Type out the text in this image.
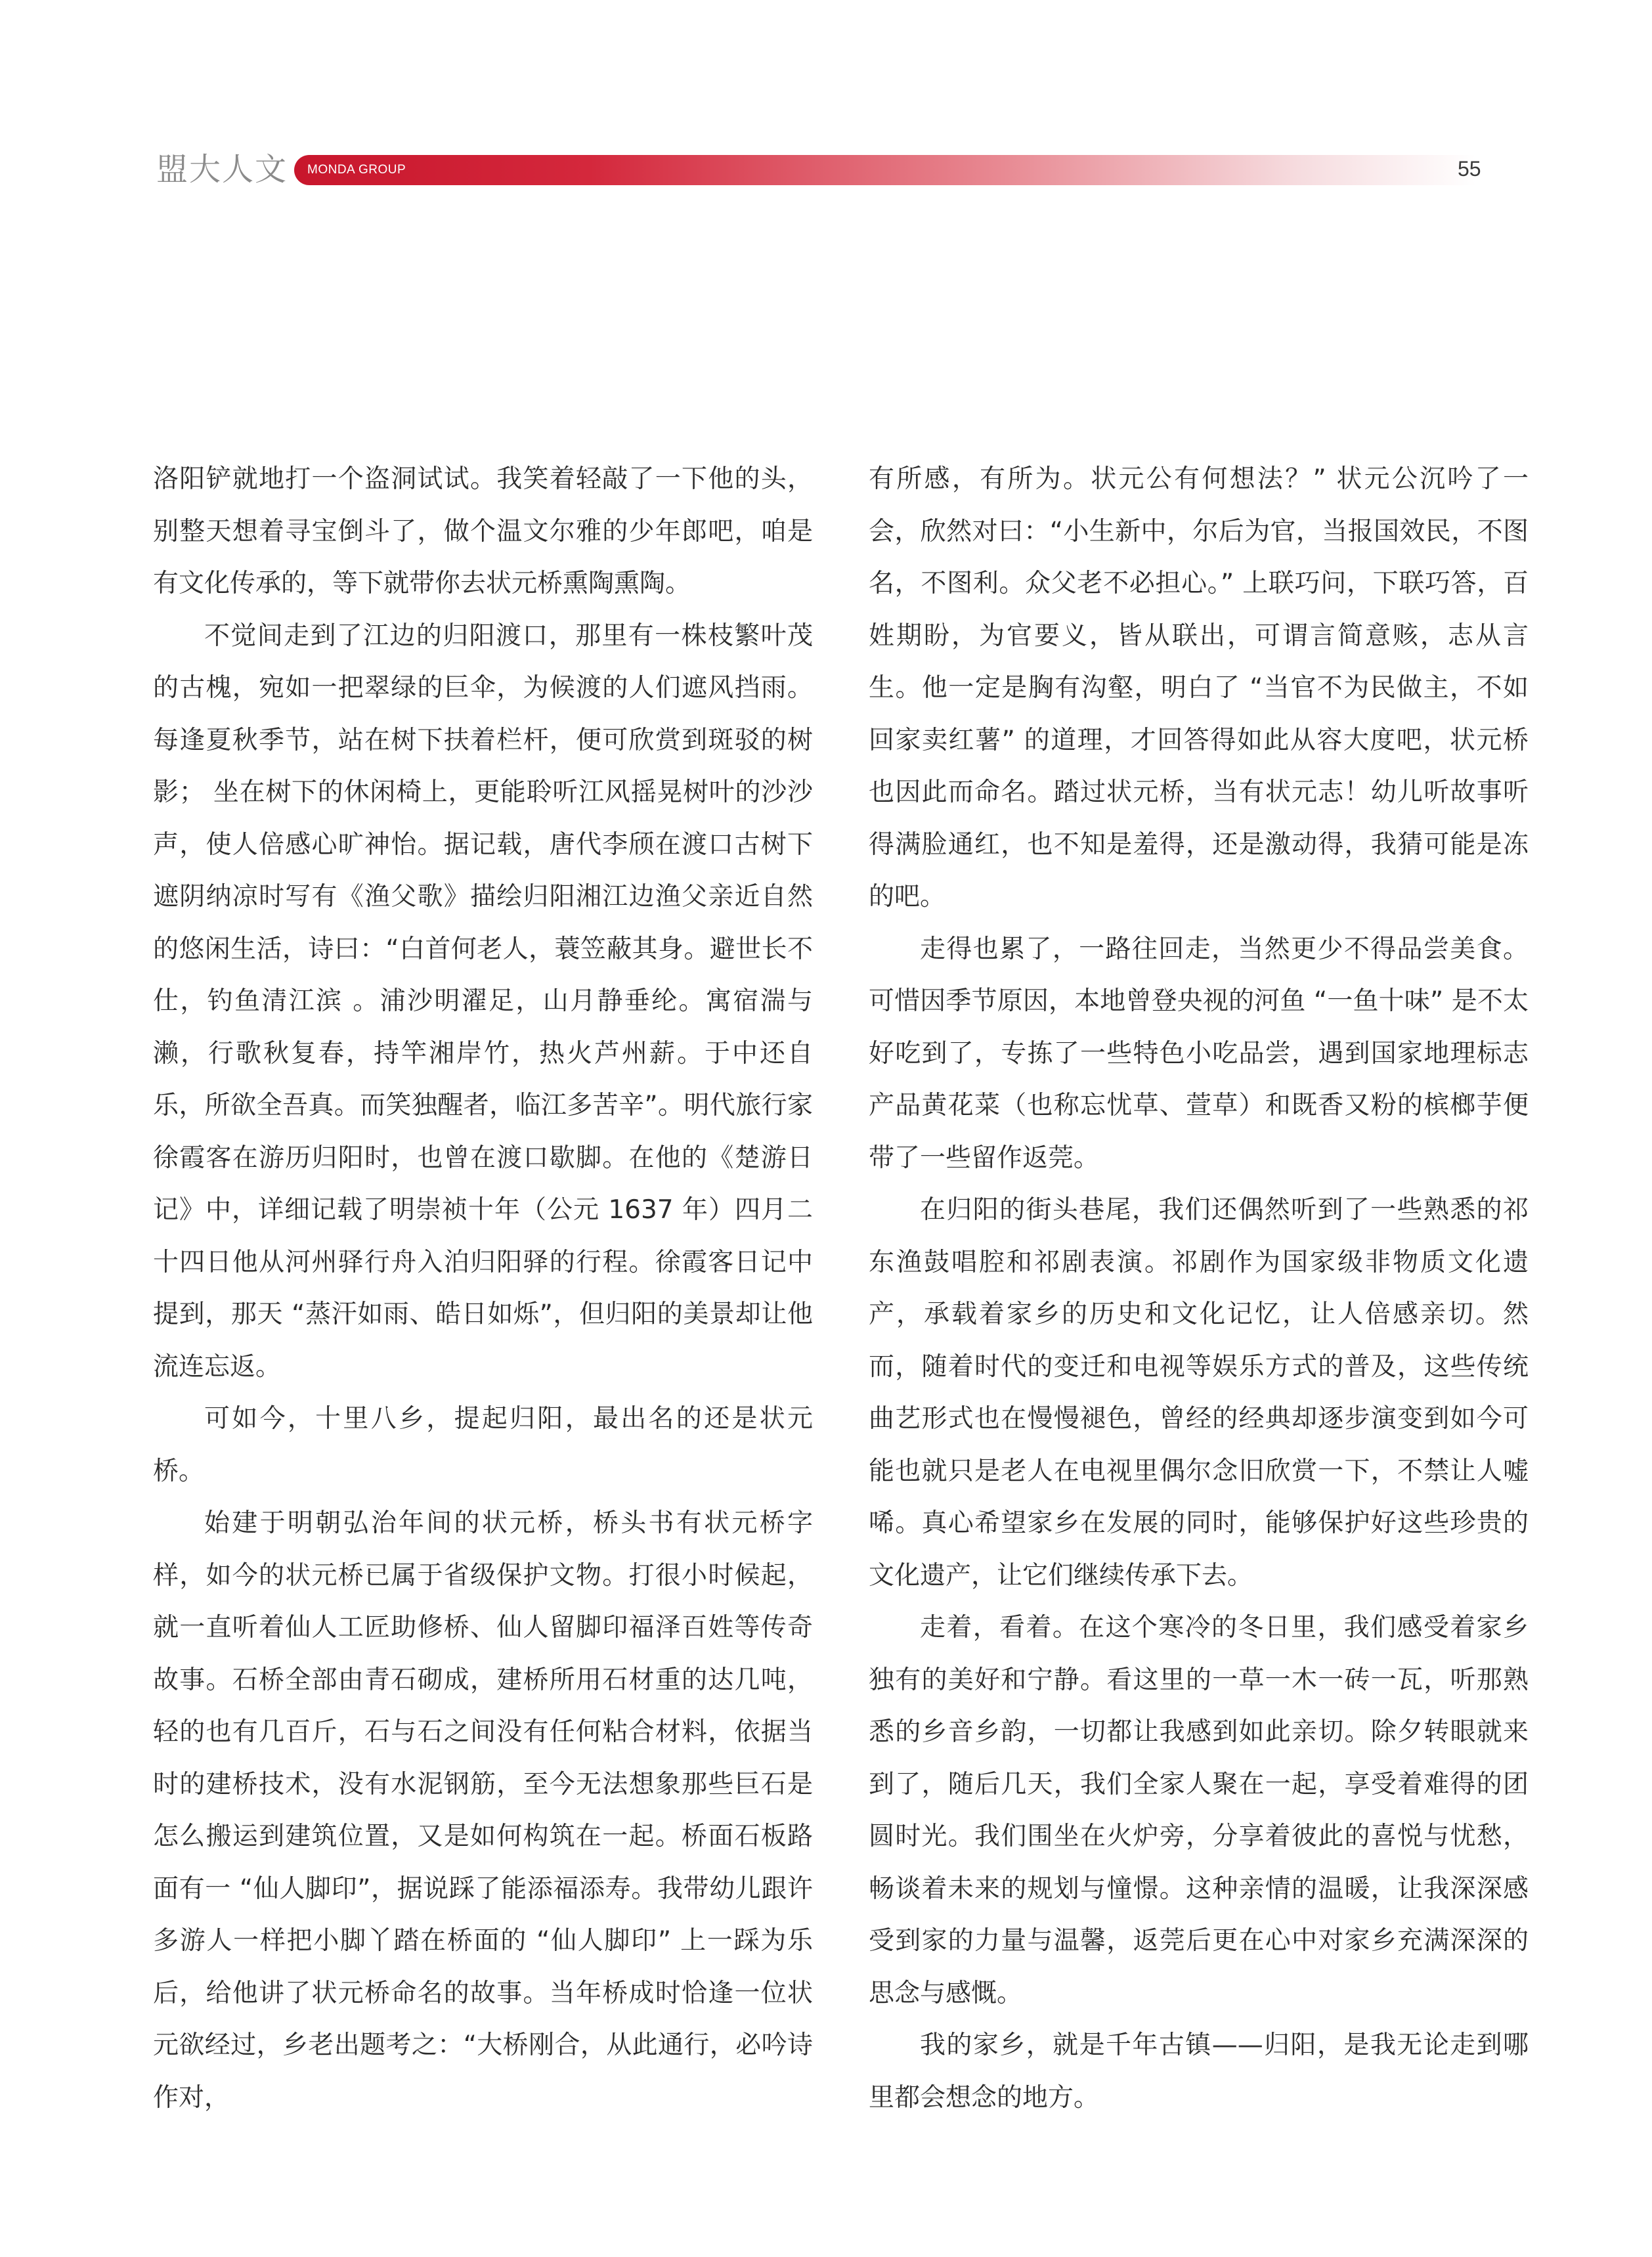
盟大人文 MONDA GROUP	55

洛阳铲就地打一个盗洞试试。我笑着轻敲了一下他的头，别整天想着寻宝倒斗了，做个温文尔雅的少年郎吧，咱是有文化传承的，等下就带你去状元桥熏陶熏陶。

不觉间走到了江边的归阳渡口，那里有一株枝繁叶茂的古槐，宛如一把翠绿的巨伞，为候渡的人们遮风挡雨。每逢夏秋季节，站在树下扶着栏杆，便可欣赏到斑驳的树影； 坐在树下的休闲椅上，更能聆听江风摇晃树叶的沙沙声，使人倍感心旷神怡。据记载，唐代李颀在渡口古树下遮阴纳凉时写有《渔父歌》描绘归阳湘江边渔父亲近自然的悠闲生活，诗曰：“白首何老人，蓑笠蔽其身。避世长不仕，钓鱼清江滨 。浦沙明濯足，山月静垂纶。寓宿湍与濑，行歌秋复春，持竿湘岸竹，热火芦州薪。于中还自乐，所欲全吾真。而笑独醒者，临江多苦辛”。明代旅行家徐霞客在游历归阳时，也曾在渡口歇脚。在他的《楚游日记》中，详细记载了明崇祯十年（公元 1637 年）四月二十四日他从河州驿行舟入泊归阳驿的行程。徐霞客日记中提到，那天 “蒸汗如雨、皓日如烁”，但归阳的美景却让他流连忘返。

可如今，十里八乡，提起归阳，最出名的还是状元桥。

始建于明朝弘治年间的状元桥，桥头书有状元桥字样，如今的状元桥已属于省级保护文物。打很小时候起，就一直听着仙人工匠助修桥、仙人留脚印福泽百姓等传奇故事。石桥全部由青石砌成，建桥所用石材重的达几吨，轻的也有几百斤，石与石之间没有任何粘合材料，依据当时的建桥技术，没有水泥钢筋，至今无法想象那些巨石是怎么搬运到建筑位置，又是如何构筑在一起。桥面石板路面有一 “仙人脚印”，据说踩了能添福添寿。我带幼儿跟许多游人一样把小脚丫踏在桥面的 “仙人脚印” 上一踩为乐后，给他讲了状元桥命名的故事。当年桥成时恰逢一位状元欲经过，乡老出题考之：“大桥刚合，从此通行，必吟诗作对，

有所感，有所为。状元公有何想法？” 状元公沉吟了一会，欣然对曰：“小生新中，尔后为官，当报国效民，不图名，不图利。众父老不必担心。” 上联巧问，下联巧答，百姓期盼，为官要义，皆从联出，可谓言简意赅，志从言生。他一定是胸有沟壑，明白了 “当官不为民做主，不如回家卖红薯” 的道理，才回答得如此从容大度吧，状元桥也因此而命名。踏过状元桥，当有状元志！幼儿听故事听得满脸通红，也不知是羞得，还是激动得，我猜可能是冻的吧。

走得也累了，一路往回走，当然更少不得品尝美食。可惜因季节原因，本地曾登央视的河鱼 “一鱼十味” 是不太好吃到了，专拣了一些特色小吃品尝，遇到国家地理标志产品黄花菜（也称忘忧草、萱草）和既香又粉的槟榔芋便带了一些留作返莞。

在归阳的街头巷尾，我们还偶然听到了一些熟悉的祁东渔鼓唱腔和祁剧表演。祁剧作为国家级非物质文化遗产，承载着家乡的历史和文化记忆，让人倍感亲切。然而，随着时代的变迁和电视等娱乐方式的普及，这些传统曲艺形式也在慢慢褪色，曾经的经典却逐步演变到如今可能也就只是老人在电视里偶尔念旧欣赏一下，不禁让人嘘唏。真心希望家乡在发展的同时，能够保护好这些珍贵的文化遗产，让它们继续传承下去。

走着，看着。在这个寒冷的冬日里，我们感受着家乡独有的美好和宁静。看这里的一草一木一砖一瓦，听那熟悉的乡音乡韵，一切都让我感到如此亲切。除夕转眼就来到了，随后几天，我们全家人聚在一起，享受着难得的团圆时光。我们围坐在火炉旁，分享着彼此的喜悦与忧愁，畅谈着未来的规划与憧憬。这种亲情的温暖，让我深深感受到家的力量与温馨，返莞后更在心中对家乡充满深深的思念与感慨。

我的家乡，就是千年古镇——归阳，是我无论走到哪里都会想念的地方。
